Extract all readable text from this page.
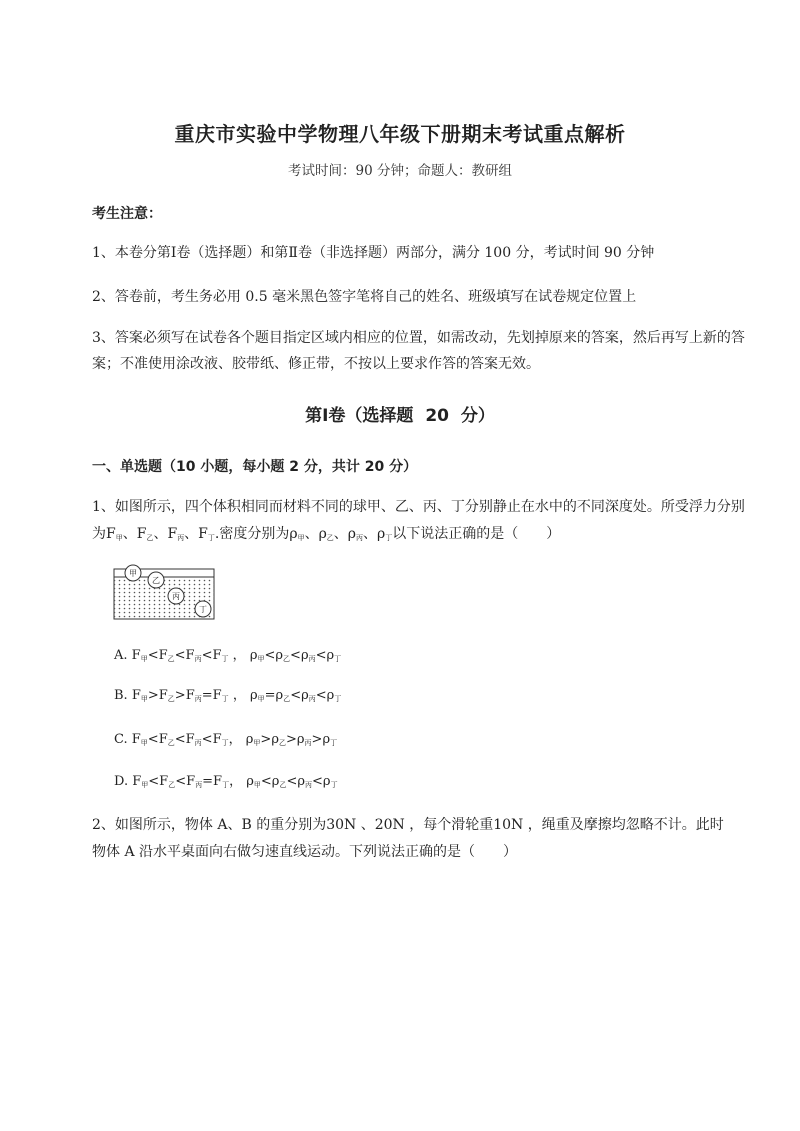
重庆市实验中学物理八年级下册期末考试重点解析
考试时间：90 分钟；命题人：教研组
考生注意：
1、本卷分第Ⅰ卷（选择题）和第Ⅱ卷（非选择题）两部分，满分 100 分，考试时间 90 分钟
2、答卷前，考生务必用 0.5 毫米黑色签字笔将自己的姓名、班级填写在试卷规定位置上
3、答案必须写在试卷各个题目指定区域内相应的位置，如需改动，先划掉原来的答案，然后再写上新的答案；不准使用涂改液、胶带纸、修正带，不按以上要求作答的答案无效。
第Ⅰ卷（选择题 20 分）
一、单选题（10 小题，每小题 2 分，共计 20 分）
1、如图所示，四个体积相同而材料不同的球甲、乙、丙、丁分别静止在水中的不同深度处。所受浮力分别为$F_甲$、$F_乙$、$F_丙$、$F_丁$.密度分别为$\rho_甲$、$\rho_乙$、$\rho_丙$、$\rho_丁$以下说法正确的是（　　）
甲
乙
丙
丁
A. $F_甲<F_乙<F_丙<F_丁$ ， $\rho_甲<\rho_乙<\rho_丙<\rho_丁$
B. $F_甲>F_乙>F_丙=F_丁$ ， $\rho_甲=\rho_乙<\rho_丙<\rho_丁$
C. $F_甲<F_乙<F_丙<F_丁$， $\rho_甲>\rho_乙>\rho_丙>\rho_丁$
D. $F_甲<F_乙<F_丙=F_丁$， $\rho_甲<\rho_乙<\rho_丙<\rho_丁$
2、如图所示，物体 A、B 的重分别为30N 、20N ，每个滑轮重10N ，绳重及摩擦均忽略不计。此时
物体 A 沿水平桌面向右做匀速直线运动。下列说法正确的是（　　）
